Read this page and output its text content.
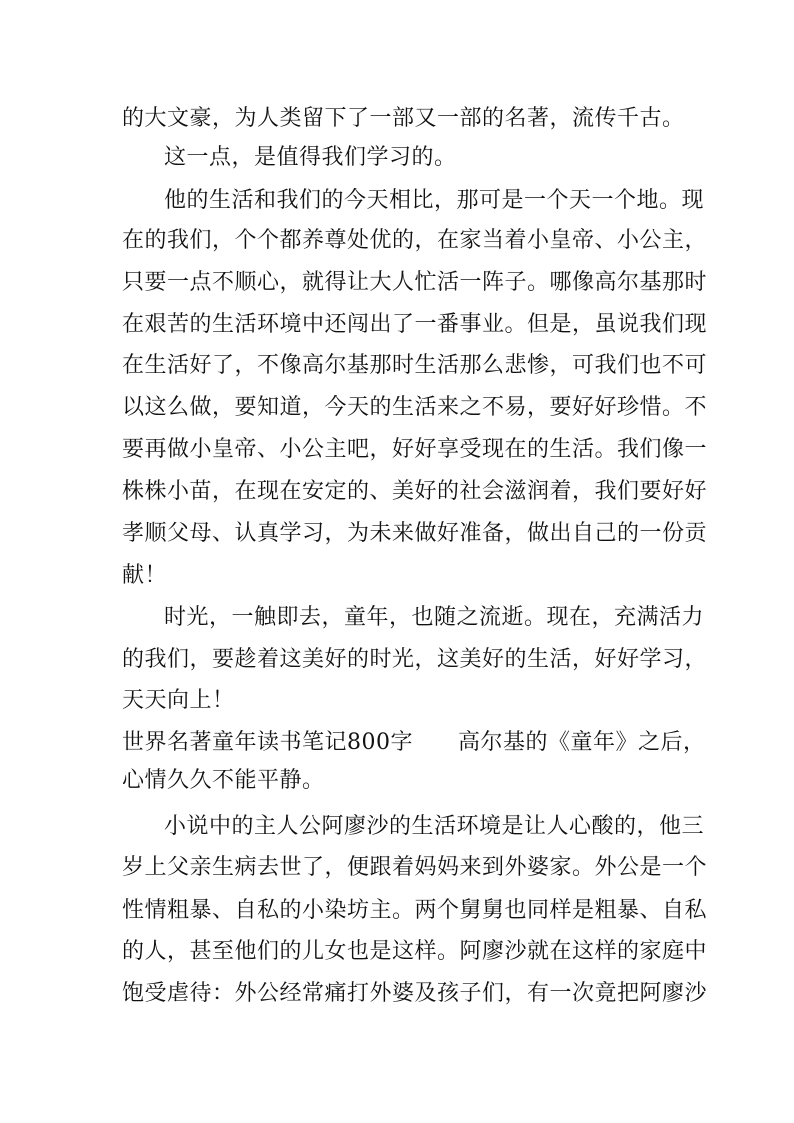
的大文豪，为人类留下了一部又一部的名著，流传千古。
这一点，是值得我们学习的。
他的生活和我们的今天相比，那可是一个天一个地。现
在的我们，个个都养尊处优的，在家当着小皇帝、小公主，
只要一点不顺心，就得让大人忙活一阵子。哪像高尔基那时
在艰苦的生活环境中还闯出了一番事业。但是，虽说我们现
在生活好了，不像高尔基那时生活那么悲惨，可我们也不可
以这么做，要知道，今天的生活来之不易，要好好珍惜。不
要再做小皇帝、小公主吧，好好享受现在的生活。我们像一
株株小苗，在现在安定的、美好的社会滋润着，我们要好好
孝顺父母、认真学习，为未来做好准备，做出自己的一份贡
献！
时光，一触即去，童年，也随之流逝。现在，充满活力
的我们，要趁着这美好的时光，这美好的生活，好好学习，
天天向上！
世界名著童年读书笔记800字　　高尔基的《童年》之后，
心情久久不能平静。
小说中的主人公阿廖沙的生活环境是让人心酸的，他三
岁上父亲生病去世了，便跟着妈妈来到外婆家。外公是一个
性情粗暴、自私的小染坊主。两个舅舅也同样是粗暴、自私
的人，甚至他们的儿女也是这样。阿廖沙就在这样的家庭中
饱受虐待：外公经常痛打外婆及孩子们，有一次竟把阿廖沙
